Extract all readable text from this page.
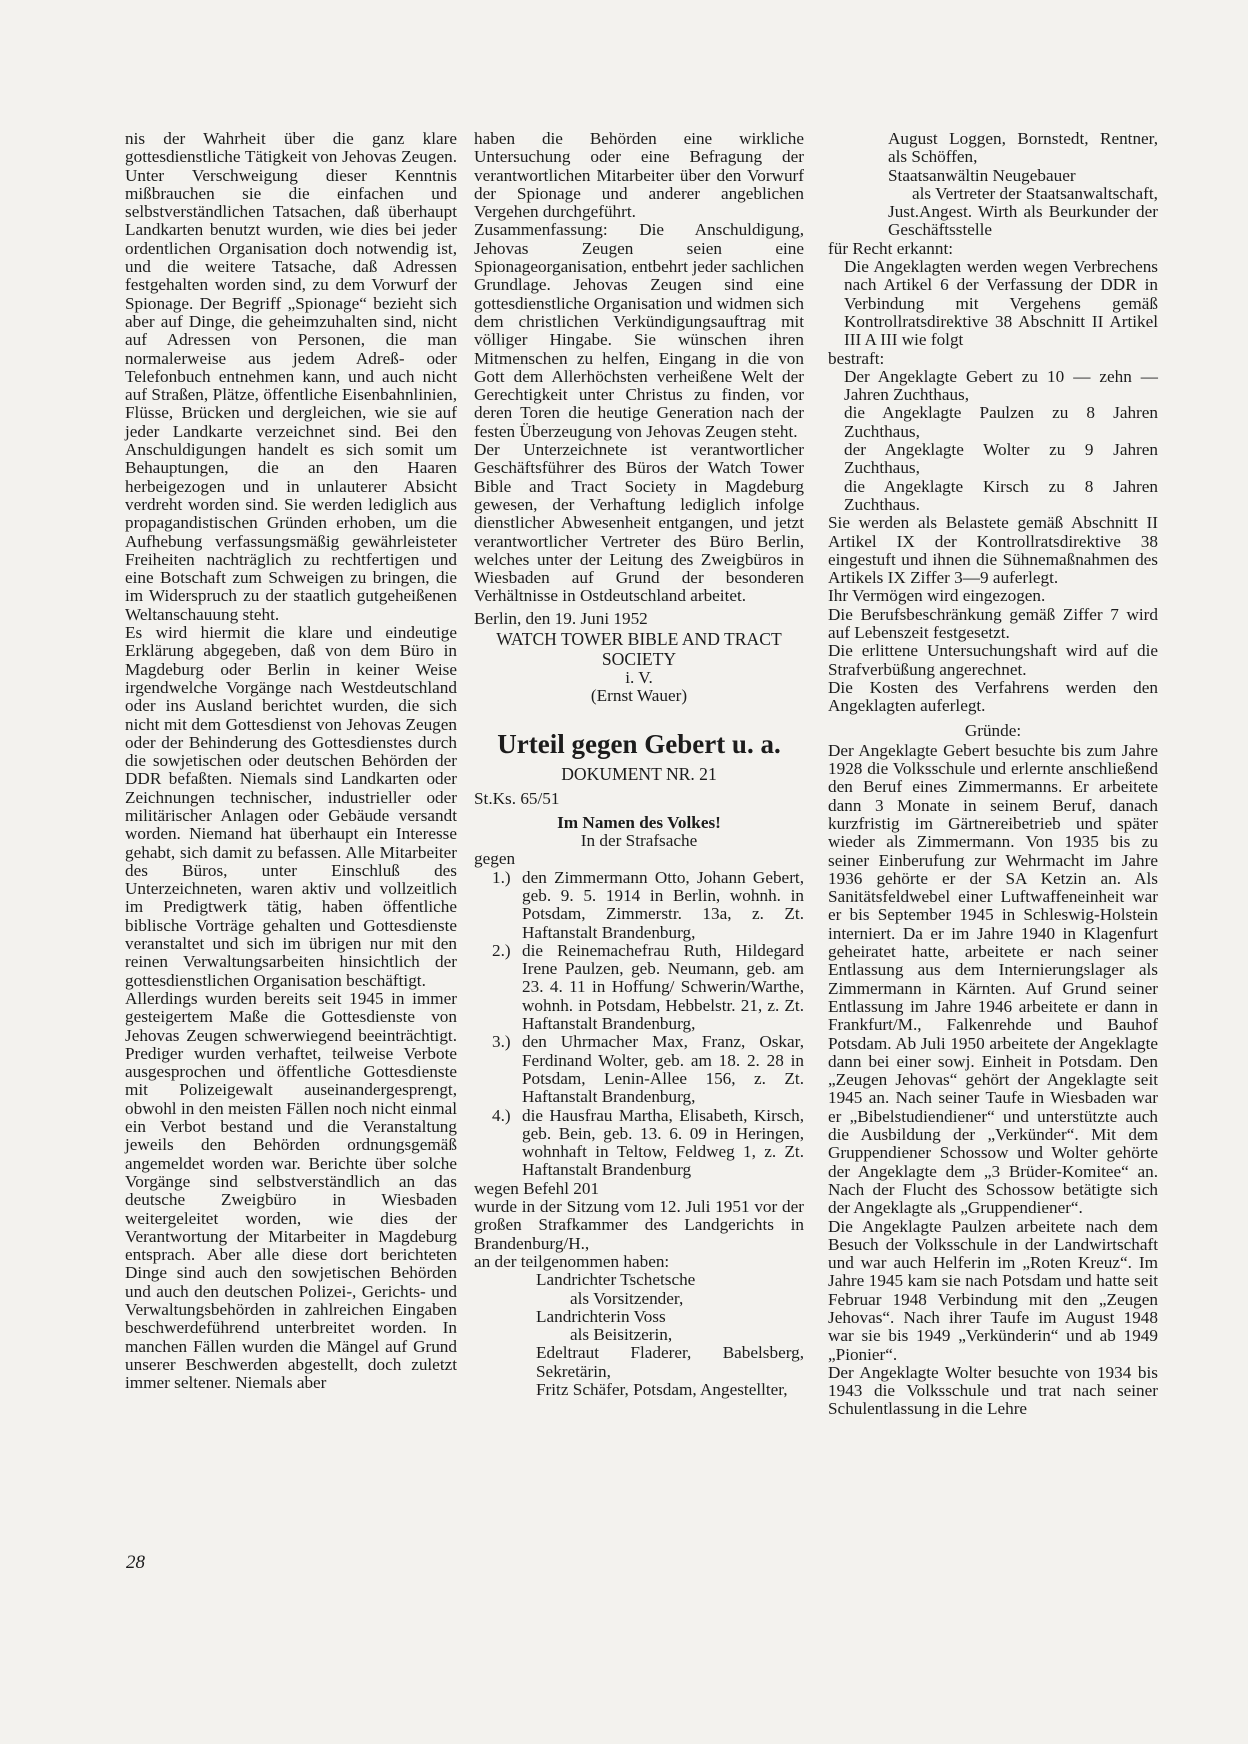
nis der Wahrheit über die ganz klare gottesdienstliche Tätigkeit von Jehovas Zeugen. Unter Verschweigung dieser Kenntnis mißbrauchen sie die einfachen und selbstverständlichen Tatsachen, daß überhaupt Landkarten benutzt wurden, wie dies bei jeder ordentlichen Organisation doch notwendig ist, und die weitere Tatsache, daß Adressen festgehalten worden sind, zu dem Vorwurf der Spionage. Der Begriff „Spionage“ bezieht sich aber auf Dinge, die geheimzuhalten sind, nicht auf Adressen von Personen, die man normalerweise aus jedem Adreß- oder Telefonbuch entnehmen kann, und auch nicht auf Straßen, Plätze, öffentliche Eisenbahnlinien, Flüsse, Brücken und dergleichen, wie sie auf jeder Landkarte verzeichnet sind. Bei den Anschuldigungen handelt es sich somit um Behauptungen, die an den Haaren herbeigezogen und in unlauterer Absicht verdreht worden sind. Sie werden lediglich aus propagandistischen Gründen erhoben, um die Aufhebung verfassungsmäßig gewährleisteter Freiheiten nachträglich zu rechtfertigen und eine Botschaft zum Schweigen zu bringen, die im Widerspruch zu der staatlich gutgeheißenen Weltanschauung steht.

Es wird hiermit die klare und eindeutige Erklärung abgegeben, daß von dem Büro in Magdeburg oder Berlin in keiner Weise irgendwelche Vorgänge nach Westdeutschland oder ins Ausland berichtet wurden, die sich nicht mit dem Gottesdienst von Jehovas Zeugen oder der Behinderung des Gottesdienstes durch die sowjetischen oder deutschen Behörden der DDR befaßten. Niemals sind Landkarten oder Zeichnungen technischer, industrieller oder militärischer Anlagen oder Gebäude versandt worden. Niemand hat überhaupt ein Interesse gehabt, sich damit zu befassen. Alle Mitarbeiter des Büros, unter Einschluß des Unterzeichneten, waren aktiv und vollzeitlich im Predigtwerk tätig, haben öffentliche biblische Vorträge gehalten und Gottesdienste veranstaltet und sich im übrigen nur mit den reinen Verwaltungsarbeiten hinsichtlich der gottesdienstlichen Organisation beschäftigt.

Allerdings wurden bereits seit 1945 in immer gesteigertem Maße die Gottesdienste von Jehovas Zeugen schwerwiegend beeinträchtigt. Prediger wurden verhaftet, teilweise Verbote ausgesprochen und öffentliche Gottesdienste mit Polizeigewalt auseinandergesprengt, obwohl in den meisten Fällen noch nicht einmal ein Verbot bestand und die Veranstaltung jeweils den Behörden ordnungsgemäß angemeldet worden war. Berichte über solche Vorgänge sind selbstverständlich an das deutsche Zweigbüro in Wiesbaden weitergeleitet worden, wie dies der Verantwortung der Mitarbeiter in Magdeburg entsprach. Aber alle diese dort berichteten Dinge sind auch den sowjetischen Behörden und auch den deutschen Polizei-, Gerichts- und Verwaltungsbehörden in zahlreichen Eingaben beschwerdeführend unterbreitet worden. In manchen Fällen wurden die Mängel auf Grund unserer Beschwerden abgestellt, doch zuletzt immer seltener. Niemals aber

haben die Behörden eine wirkliche Untersuchung oder eine Befragung der verantwortlichen Mitarbeiter über den Vorwurf der Spionage und anderer angeblichen Vergehen durchgeführt.

Zusammenfassung: Die Anschuldigung, Jehovas Zeugen seien eine Spionageorganisation, entbehrt jeder sachlichen Grundlage. Jehovas Zeugen sind eine gottesdienstliche Organisation und widmen sich dem christlichen Verkündigungsauftrag mit völliger Hingabe. Sie wünschen ihren Mitmenschen zu helfen, Eingang in die von Gott dem Allerhöchsten verheißene Welt der Gerechtigkeit unter Christus zu finden, vor deren Toren die heutige Generation nach der festen Überzeugung von Jehovas Zeugen steht.

Der Unterzeichnete ist verantwortlicher Geschäftsführer des Büros der Watch Tower Bible and Tract Society in Magdeburg gewesen, der Verhaftung lediglich infolge dienstlicher Abwesenheit entgangen, und jetzt verantwortlicher Vertreter des Büro Berlin, welches unter der Leitung des Zweigbüros in Wiesbaden auf Grund der besonderen Verhältnisse in Ostdeutschland arbeitet.

Berlin, den 19. Juni 1952

WATCH TOWER BIBLE AND TRACT

SOCIETY

i. V.

(Ernst Wauer)

Urteil gegen Gebert u. a.

DOKUMENT NR. 21

St.Ks. 65/51

Im Namen des Volkes!

In der Strafsache

gegen

1.) den Zimmermann Otto, Johann Gebert, geb. 9. 5. 1914 in Berlin, wohnh. in Potsdam, Zimmerstr. 13a, z. Zt. Haftanstalt Brandenburg,
2.) die Reinemachefrau Ruth, Hildegard Irene Paulzen, geb. Neumann, geb. am 23. 4. 11 in Hoffung/ Schwerin/Warthe, wohnh. in Potsdam, Hebbelstr. 21, z. Zt. Haftanstalt Brandenburg,
3.) den Uhrmacher Max, Franz, Oskar, Ferdinand Wolter, geb. am 18. 2. 28 in Potsdam, Lenin-Allee 156, z. Zt. Haftanstalt Brandenburg,
4.) die Hausfrau Martha, Elisabeth, Kirsch, geb. Bein, geb. 13. 6. 09 in Heringen, wohnhaft in Teltow, Feldweg 1, z. Zt. Haftanstalt Brandenburg

wegen Befehl 201

wurde in der Sitzung vom 12. Juli 1951 vor der großen Strafkammer des Landgerichts in Brandenburg/H.,

an der teilgenommen haben:

Landrichter Tschetsche

als Vorsitzender,

Landrichterin Voss

als Beisitzerin,

Edeltraut Fladerer, Babelsberg, Sekretärin,

Fritz Schäfer, Potsdam, Angestellter,

August Loggen, Bornstedt, Rentner, als Schöffen,

Staatsanwältin Neugebauer

als Vertreter der Staatsanwaltschaft,

Just.Angest. Wirth als Beurkunder der Geschäftsstelle

für Recht erkannt:

Die Angeklagten werden wegen Verbrechens nach Artikel 6 der Verfassung der DDR in Verbindung mit Vergehens gemäß Kontrollratsdirektive 38 Abschnitt II Artikel III A III wie folgt

bestraft:

Der Angeklagte Gebert zu 10 — zehn — Jahren Zuchthaus,

die Angeklagte Paulzen zu 8 Jahren Zuchthaus,

der Angeklagte Wolter zu 9 Jahren Zuchthaus,

die Angeklagte Kirsch zu 8 Jahren Zuchthaus.

Sie werden als Belastete gemäß Abschnitt II Artikel IX der Kontrollratsdirektive 38 eingestuft und ihnen die Sühnemaßnahmen des Artikels IX Ziffer 3—9 auferlegt.

Ihr Vermögen wird eingezogen.

Die Berufsbeschränkung gemäß Ziffer 7 wird auf Lebenszeit festgesetzt.

Die erlittene Untersuchungshaft wird auf die Strafverbüßung angerechnet.

Die Kosten des Verfahrens werden den Angeklagten auferlegt.

Gründe:

Der Angeklagte Gebert besuchte bis zum Jahre 1928 die Volksschule und erlernte anschließend den Beruf eines Zimmermanns. Er arbeitete dann 3 Monate in seinem Beruf, danach kurzfristig im Gärtnereibetrieb und später wieder als Zimmermann. Von 1935 bis zu seiner Einberufung zur Wehrmacht im Jahre 1936 gehörte er der SA Ketzin an. Als Sanitätsfeldwebel einer Luftwaffeneinheit war er bis September 1945 in Schleswig-Holstein interniert. Da er im Jahre 1940 in Klagenfurt geheiratet hatte, arbeitete er nach seiner Entlassung aus dem Internierungslager als Zimmermann in Kärnten. Auf Grund seiner Entlassung im Jahre 1946 arbeitete er dann in Frankfurt/M., Falkenrehde und Bauhof Potsdam. Ab Juli 1950 arbeitete der Angeklagte dann bei einer sowj. Einheit in Potsdam. Den „Zeugen Jehovas“ gehört der Angeklagte seit 1945 an. Nach seiner Taufe in Wiesbaden war er „Bibelstudiendiener“ und unterstützte auch die Ausbildung der „Verkünder“. Mit dem Gruppendiener Schossow und Wolter gehörte der Angeklagte dem „3 Brüder-Komitee“ an. Nach der Flucht des Schossow betätigte sich der Angeklagte als „Gruppendiener“.

Die Angeklagte Paulzen arbeitete nach dem Besuch der Volksschule in der Landwirtschaft und war auch Helferin im „Roten Kreuz“. Im Jahre 1945 kam sie nach Potsdam und hatte seit Februar 1948 Verbindung mit den „Zeugen Jehovas“. Nach ihrer Taufe im August 1948 war sie bis 1949 „Verkünderin“ und ab 1949 „Pionier“.

Der Angeklagte Wolter besuchte von 1934 bis 1943 die Volksschule und trat nach seiner Schulentlassung in die Lehre

28
